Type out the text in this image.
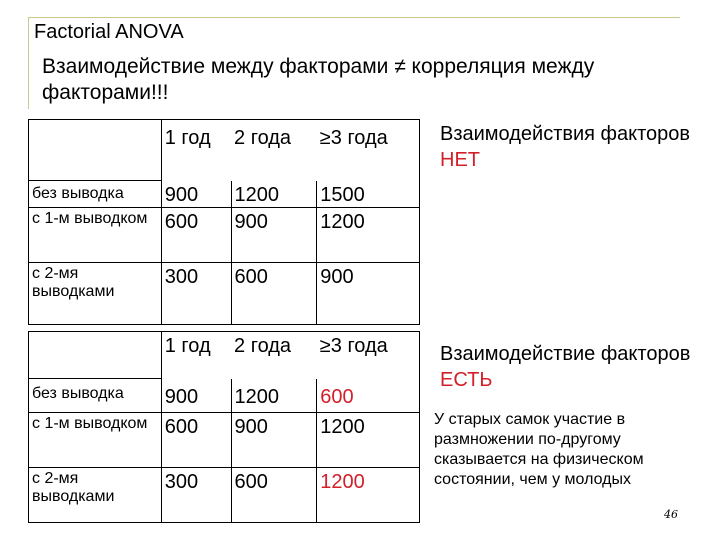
Factorial ANOVA
Взаимодействие между факторами ≠ корреляция между факторами!!!
	1 год	2 года	≥3 года
без выводка	900	1200	1500
с 1-м выводком	600	900	1200
с 2-мя выводками	300	600	900
Взаимодействия факторов НЕТ
	1 год	2 года	≥3 года
без выводка	900	1200	600
с 1-м выводком	600	900	1200
с 2-мя выводками	300	600	1200
Взаимодействие факторов ЕСТЬ
У старых самок участие в размножении по-другому сказывается на физическом состоянии, чем у молодых
46
